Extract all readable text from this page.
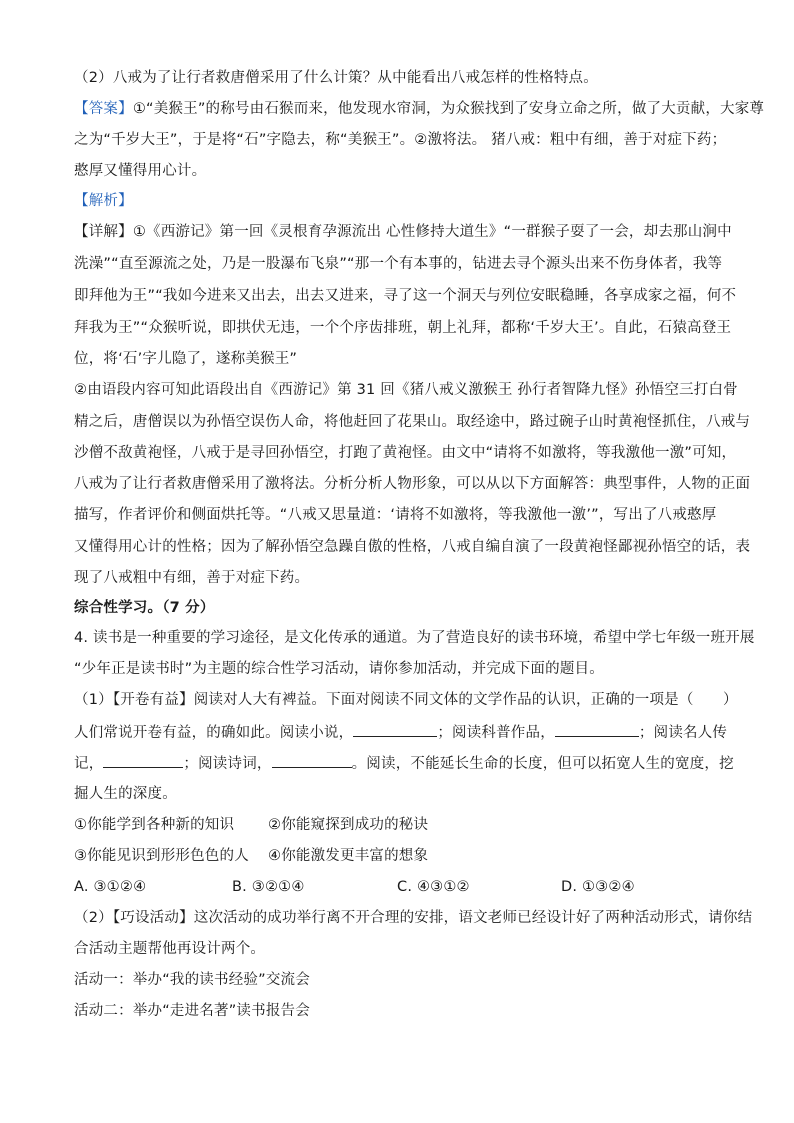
（2）八戒为了让行者救唐僧采用了什么计策？从中能看出八戒怎样的性格特点。
【答案】①“美猴王”的称号由石猴而来，他发现水帘洞，为众猴找到了安身立命之所，做了大贡献，大家尊
之为“千岁大王”，于是将“石”字隐去，称“美猴王”。②激将法。 猪八戒：粗中有细，善于对症下药；
憨厚又懂得用心计。
【解析】
【详解】①《西游记》第一回《灵根育孕源流出 心性修持大道生》“一群猴子耍了一会，却去那山涧中
洗澡”“直至源流之处，乃是一股瀑布飞泉”“那一个有本事的，钻进去寻个源头出来不伤身体者，我等
即拜他为王”“我如今进来又出去，出去又进来，寻了这一个洞天与列位安眠稳睡，各享成家之福，何不
拜我为王”“众猴听说，即拱伏无违，一个个序齿排班，朝上礼拜，都称‘千岁大王’。自此，石猿高登王
位，将‘石’字儿隐了，遂称美猴王”
②由语段内容可知此语段出自《西游记》第 31 回《猪八戒义激猴王 孙行者智降九怪》孙悟空三打白骨
精之后，唐僧误以为孙悟空误伤人命，将他赶回了花果山。取经途中，路过碗子山时黄袍怪抓住，八戒与
沙僧不敌黄袍怪，八戒于是寻回孙悟空，打跑了黄袍怪。由文中“请将不如激将，等我激他一激”可知，
八戒为了让行者救唐僧采用了激将法。分析分析人物形象，可以从以下方面解答：典型事件，人物的正面
描写，作者评价和侧面烘托等。“八戒又思量道：‘请将不如激将，等我激他一激’”，写出了八戒憨厚
又懂得用心计的性格；因为了解孙悟空急躁自傲的性格，八戒自编自演了一段黄袍怪鄙视孙悟空的话，表
现了八戒粗中有细，善于对症下药。
综合性学习。（7 分）
4. 读书是一种重要的学习途径，是文化传承的通道。为了营造良好的读书环境，希望中学七年级一班开展
“少年正是读书时”为主题的综合性学习活动，请你参加活动，并完成下面的题目。
（1）【开卷有益】阅读对人大有裨益。下面对阅读不同文体的文学作品的认识，正确的一项是（　　）
人们常说开卷有益，的确如此。阅读小说，	；阅读科普作品，	；阅读名人传
记，	；阅读诗词，	。阅读，不能延长生命的长度，但可以拓宽人生的宽度，挖
掘人生的深度。
①你能学到各种新的知识 ②你能窥探到成功的秘诀
③你能见识到形形色色的人 ④你能激发更丰富的想象
A. ③①②④	B. ③②①④	C. ④③①②	D. ①③②④
（2）【巧设活动】这次活动的成功举行离不开合理的安排，语文老师已经设计好了两种活动形式，请你结
合活动主题帮他再设计两个。
活动一：举办“我的读书经验”交流会
活动二：举办“走进名著”读书报告会
